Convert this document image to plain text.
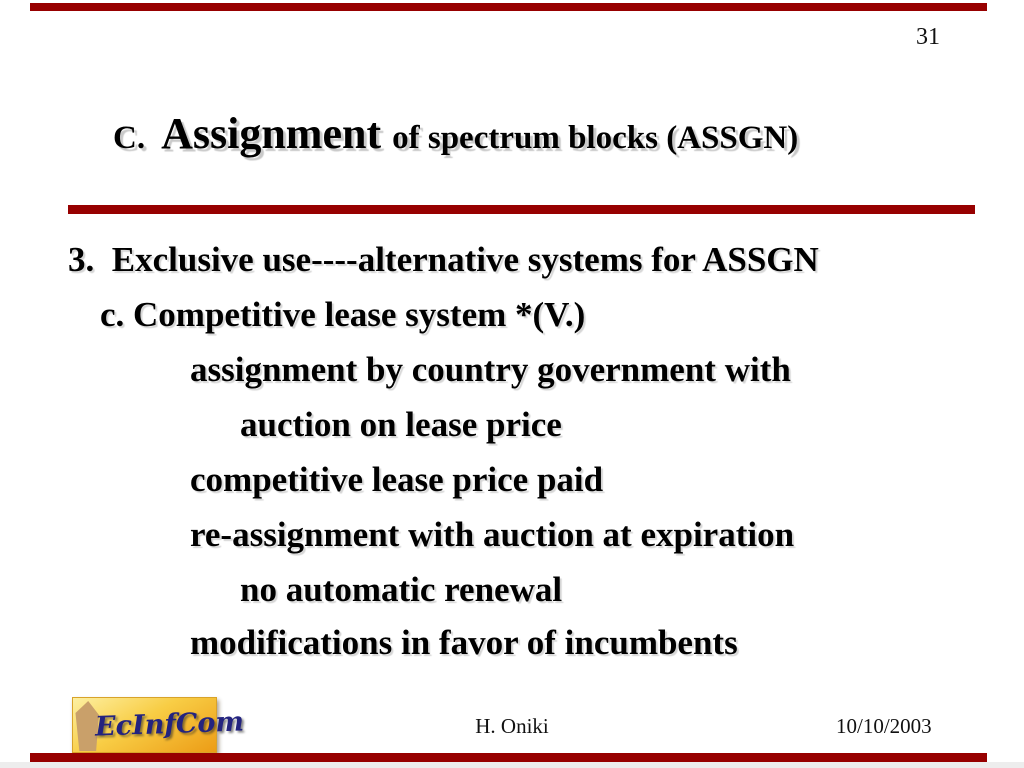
31
C. Assignment of spectrum blocks (ASSGN)
3.  Exclusive use----alternative systems for ASSGN
c. Competitive lease system *(V.)
assignment by country government with
auction on lease price
competitive lease price paid
re-assignment with auction at expiration
no automatic renewal
modifications in favor of incumbents
EcInfCom	H. Oniki	10/10/2003
